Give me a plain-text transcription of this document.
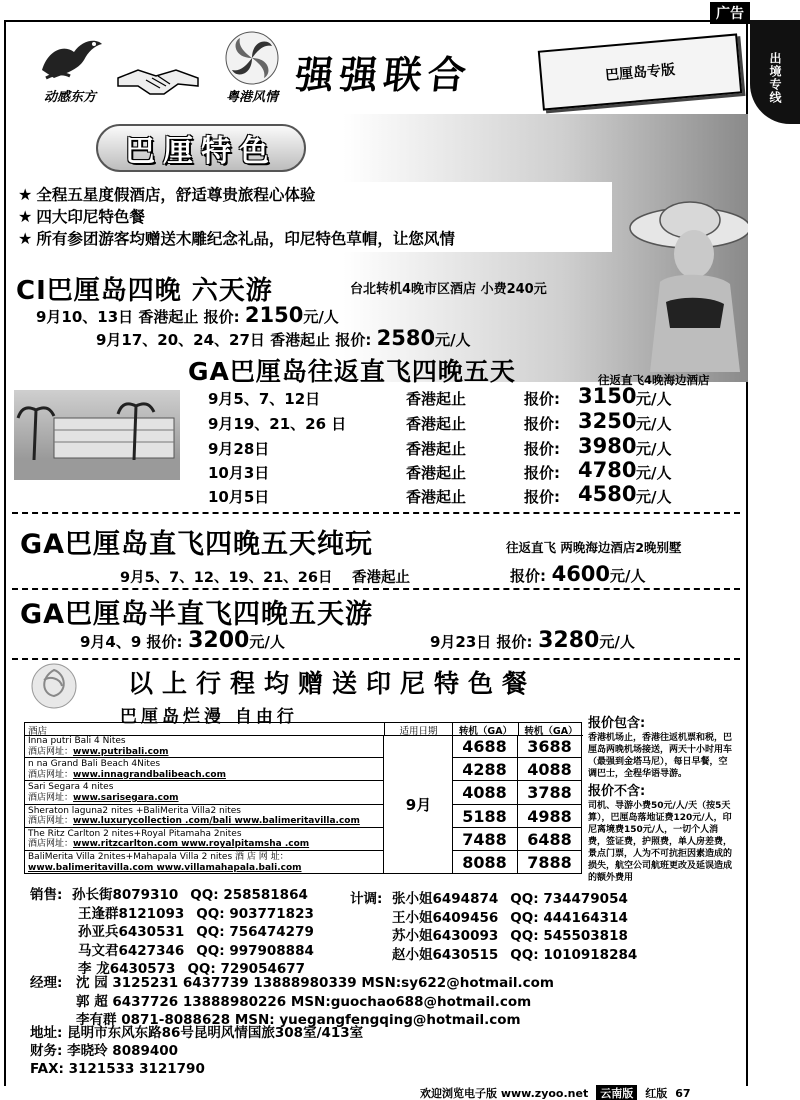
广告
出境专线
动感东方	粤港风情
强强联合	巴厘岛专版
巴厘特色
★ 全程五星度假酒店，舒适尊贵旅程心体验
★ 四大印尼特色餐
★ 所有参团游客均赠送木雕纪念礼品，印尼特色草帽，让您风情
CI巴厘岛四晚 六天游	台北转机4晚市区酒店 小费240元
9月10、13日 香港起止 报价: 2150元/人
9月17、20、24、27日 香港起止 报价: 2580元/人
GA巴厘岛往返直飞四晚五天	往返直飞4晚海边酒店
9月5、7、12日	香港起止	报价: 3150 元/人
9月19、21、26 日	香港起止	报价: 3250 元/人
9月28日	香港起止	报价: 3980 元/人
10月3日	香港起止	报价: 4780 元/人
10月5日	香港起止	报价: 4580 元/人
GA巴厘岛直飞四晚五天纯玩	往返直飞 两晚海边酒店2晚别墅
9月5、7、12、19、21、26日 香港起止	报价: 4600元/人
GA巴厘岛半直飞四晚五天游
9月4、9 报价: 3200元/人	9月23日 报价: 3280元/人
以上行程均赠送印尼特色餐
巴厘岛烂漫 自由行
酒店	适用日期	转机（GA）	转机（GA）
9月
Inna putri Bali 4 Nites
酒店网址：www.putribali.com	4688	3688
n na Grand Bali Beach 4Nites
酒店网址：www.innagrandbalibeach.com	4288	4088
Sari Segara 4 nites
酒店网址：www.sarisegara.com	4088	3788
Sheraton laguna2 nites +BaliMerita Villa2 nites
酒店网址：www.luxurycollection .com/bali www.balimeritavilla.com	5188	4988
The Ritz Carlton 2 nites+Royal Pitamaha 2nites
酒店网址：www.ritzcarlton.com www.royalpitamsha .com	7488	6488
BaliMerita Villa 2nites+Mahapala Villa 2 nites 酒 店 网 址：
www.balimeritavilla.com www.villamahapala.bali.com	8088	7888
报价包含:
香港机场止，香港往返机票和税，巴厘岛两晚机场接送，两天十小时用车（最强到金塔马尼），每日早餐，空调巴士，全程华语导游。
报价不含:
司机、导游小费50元/人/天（按5天算），巴厘岛落地证费120元/人，印尼离境费150元/人，一切个人消费，签证费，护照费，单人房差费，景点门票，人为不可抗拒因素造成的损失，航空公司航班更改及延误造成的额外费用
销售: 孙长街8079310 QQ: 258581864
王逢群8121093 QQ: 903771823
孙亚兵6430531 QQ: 756474279
马文君6427346 QQ: 997908884
李 龙6430573 QQ: 729054677
计调: 张小姐6494874 QQ: 734479054
王小姐6409456 QQ: 444164314
苏小姐6430093 QQ: 545503818
赵小姐6430515 QQ: 1010918284
经理: 沈 园 3125231 6437739 13888980339 MSN:sy622@hotmail.com
郭 超 6437726 13888980226 MSN:guochao688@hotmail.com
李有群 0871-8088628 MSN: yuegangfengqing@hotmail.com
地址: 昆明市东风东路86号昆明风情国旅308室/413室
财务: 李晓玲 8089400
FAX: 3121533 3121790
欢迎浏览电子版 www.zyoo.net	云南版	红版 67
